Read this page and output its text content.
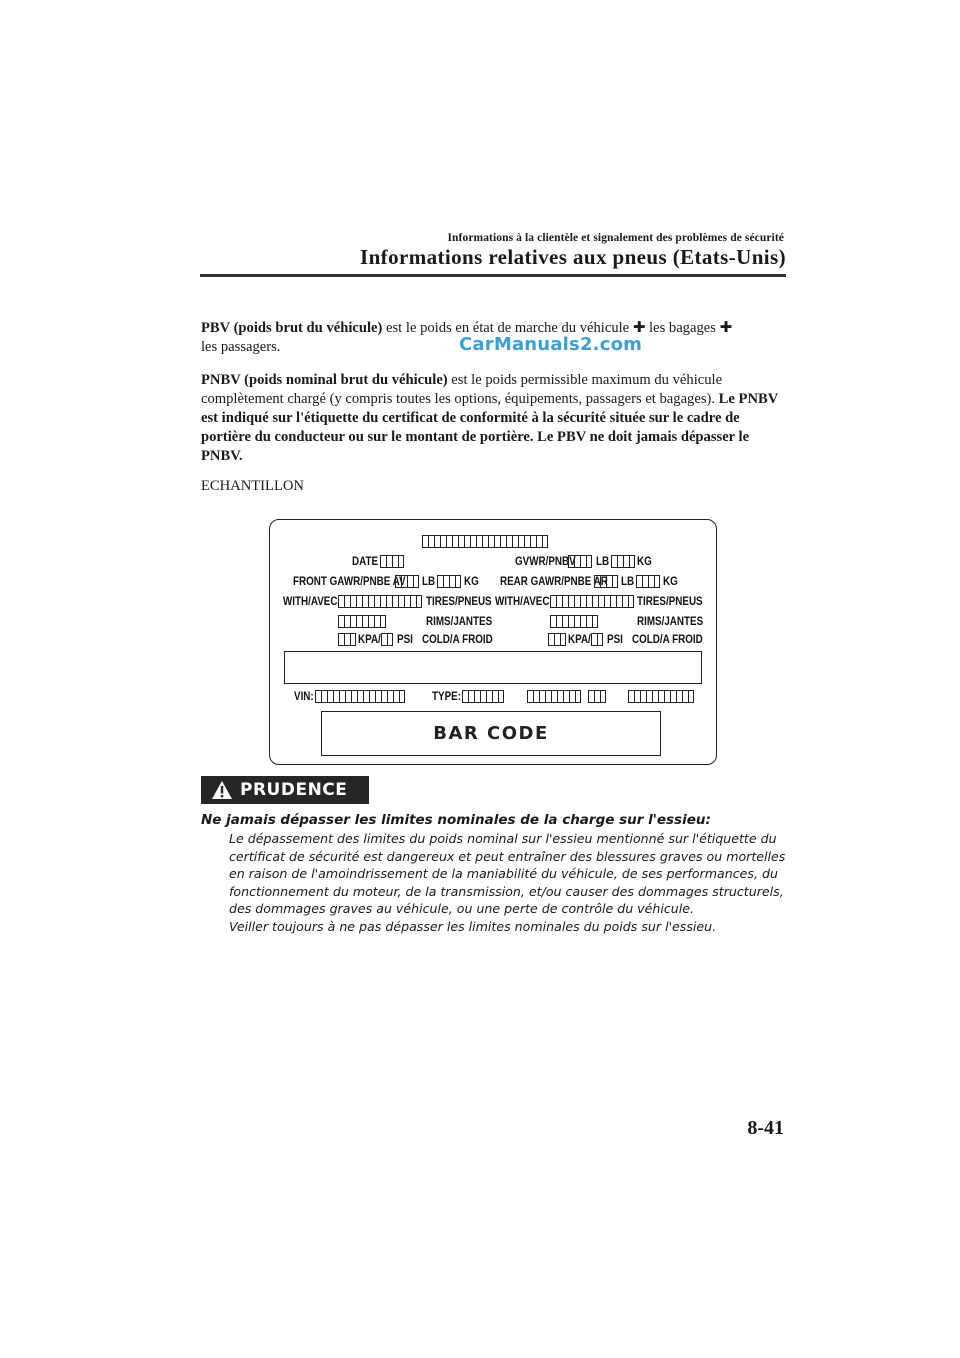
Informations à la clientèle et signalement des problèmes de sécurité
Informations relatives aux pneus (Etats-Unis)
PBV (poids brut du véhicule) est le poids en état de marche du véhicule ✚ les bagages ✚
les passagers.	CarManuals2.com
PNBV (poids nominal brut du véhicule) est le poids permissible maximum du véhicule complètement chargé (y compris toutes les options, équipements, passagers et bagages). Le PNBV est indiqué sur l'étiquette du certificat de conformité à la sécurité située sur le cadre de portière du conducteur ou sur le montant de portière. Le PBV ne doit jamais dépasser le PNBV.
ECHANTILLON
DATE	GVWR/PNBV LB KG
FRONT GAWR/PNBE AV LB KG REAR GAWR/PNBE AR LB KG
WITH/AVEC	TIRES/PNEUS WITH/AVEC	TIRES/PNEUS
RIMS/JANTES	RIMS/JANTES
KPA/ PSI COLD/A FROID	KPA/ PSI COLD/A FROID
VIN:	TYPE:
BAR CODE
PRUDENCE
Ne jamais dépasser les limites nominales de la charge sur l'essieu:
Le dépassement des limites du poids nominal sur l'essieu mentionné sur l'étiquette du certificat de sécurité est dangereux et peut entraîner des blessures graves ou mortelles en raison de l'amoindrissement de la maniabilité du véhicule, de ses performances, du fonctionnement du moteur, de la transmission, et/ou causer des dommages structurels, des dommages graves au véhicule, ou une perte de contrôle du véhicule.
Veiller toujours à ne pas dépasser les limites nominales du poids sur l'essieu.
8-41
